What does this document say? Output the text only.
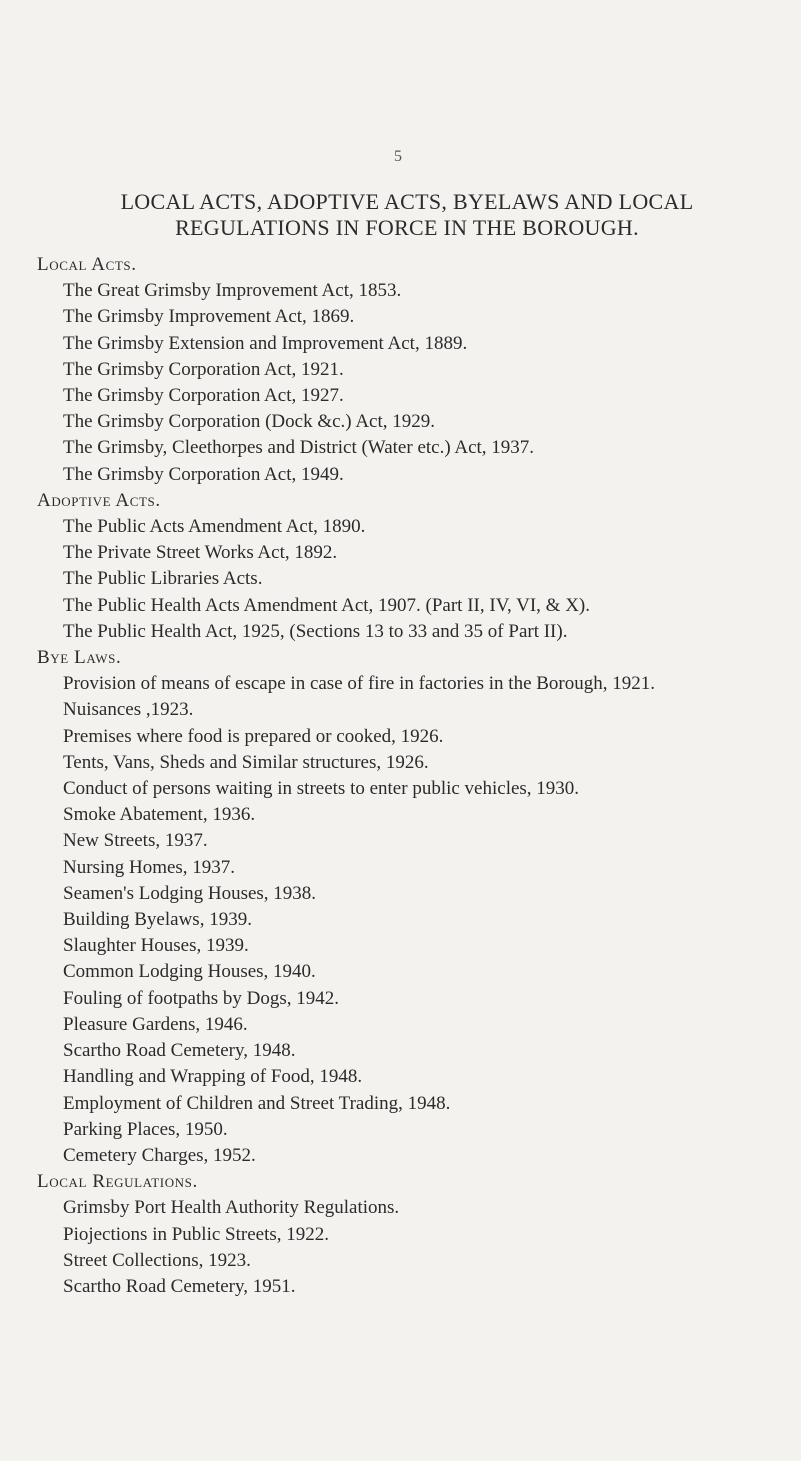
5
LOCAL ACTS, ADOPTIVE ACTS, BYELAWS AND LOCAL
REGULATIONS IN FORCE IN THE BOROUGH.
Local Acts.
The Great Grimsby Improvement Act, 1853.
The Grimsby Improvement Act, 1869.
The Grimsby Extension and Improvement Act, 1889.
The Grimsby Corporation Act, 1921.
The Grimsby Corporation Act, 1927.
The Grimsby Corporation (Dock &c.) Act, 1929.
The Grimsby, Cleethorpes and District (Water etc.) Act, 1937.
The Grimsby Corporation Act, 1949.
Adoptive Acts.
The Public Acts Amendment Act, 1890.
The Private Street Works Act, 1892.
The Public Libraries Acts.
The Public Health Acts Amendment Act, 1907. (Part II, IV, VI, & X).
The Public Health Act, 1925, (Sections 13 to 33 and 35 of Part II).
Bye Laws.
Provision of means of escape in case of fire in factories in the Borough, 1921.
Nuisances ,1923.
Premises where food is prepared or cooked, 1926.
Tents, Vans, Sheds and Similar structures, 1926.
Conduct of persons waiting in streets to enter public vehicles, 1930.
Smoke Abatement, 1936.
New Streets, 1937.
Nursing Homes, 1937.
Seamen's Lodging Houses, 1938.
Building Byelaws, 1939.
Slaughter Houses, 1939.
Common Lodging Houses, 1940.
Fouling of footpaths by Dogs, 1942.
Pleasure Gardens, 1946.
Scartho Road Cemetery, 1948.
Handling and Wrapping of Food, 1948.
Employment of Children and Street Trading, 1948.
Parking Places, 1950.
Cemetery Charges, 1952.
Local Regulations.
Grimsby Port Health Authority Regulations.
Piojections in Public Streets, 1922.
Street Collections, 1923.
Scartho Road Cemetery, 1951.
